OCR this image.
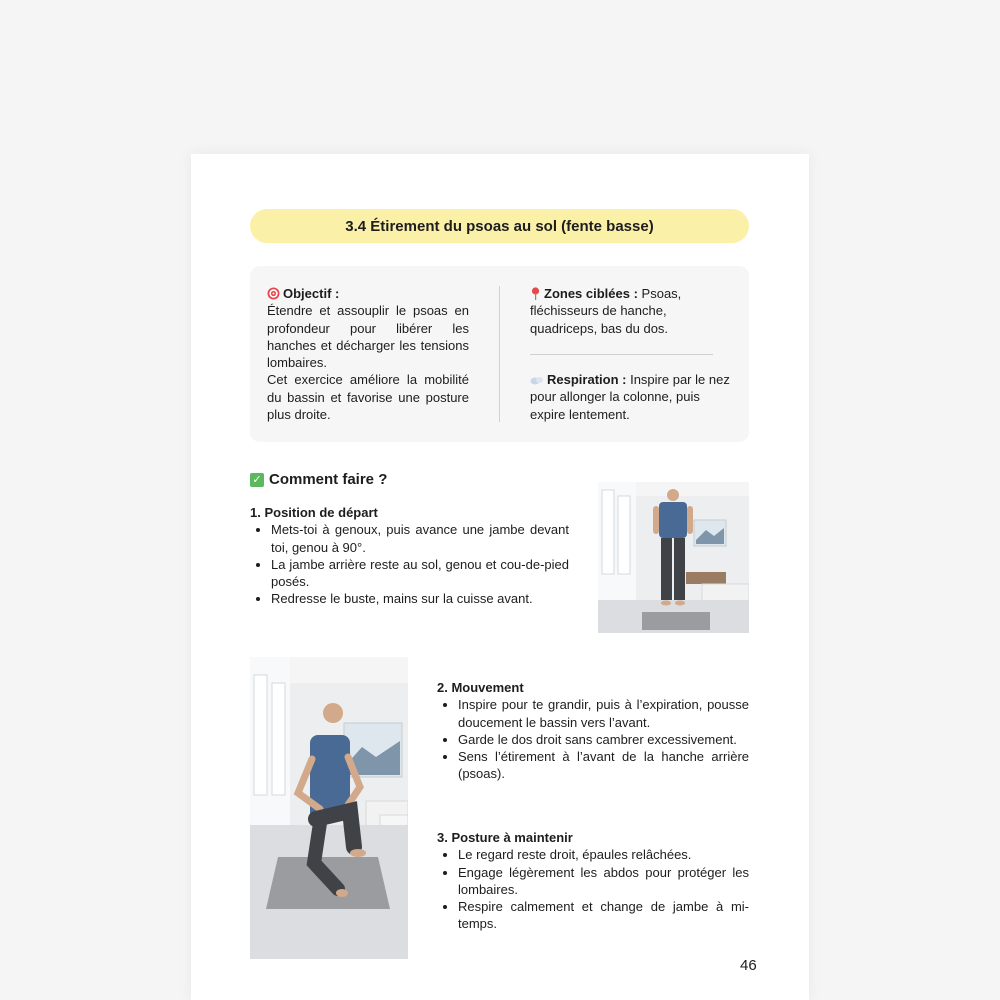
3.4 Étirement du psoas au sol (fente basse)
Objectif :

Étendre et assouplir le psoas en profondeur pour libérer les hanches et décharger les tensions lombaires.

Cet exercice améliore la mobilité du bassin et favorise une posture plus droite.

Zones ciblées : Psoas, fléchisseurs de hanche, quadriceps, bas du dos.
Respiration : Inspire par le nez pour allonger la colonne, puis expire lentement.
✓ Comment faire ?
1. Position de départ
• Mets-toi à genoux, puis avance une jambe devant toi, genou à 90°.
• La jambe arrière reste au sol, genou et cou-de-pied posés.
• Redresse le buste, mains sur la cuisse avant.
2. Mouvement
• Inspire pour te grandir, puis à l’expiration, pousse doucement le bassin vers l’avant.
• Garde le dos droit sans cambrer excessivement.
• Sens l’étirement à l’avant de la hanche arrière (psoas).
3. Posture à maintenir
• Le regard reste droit, épaules relâchées.
• Engage légèrement les abdos pour protéger les lombaires.
• Respire calmement et change de jambe à mi-temps.
46
